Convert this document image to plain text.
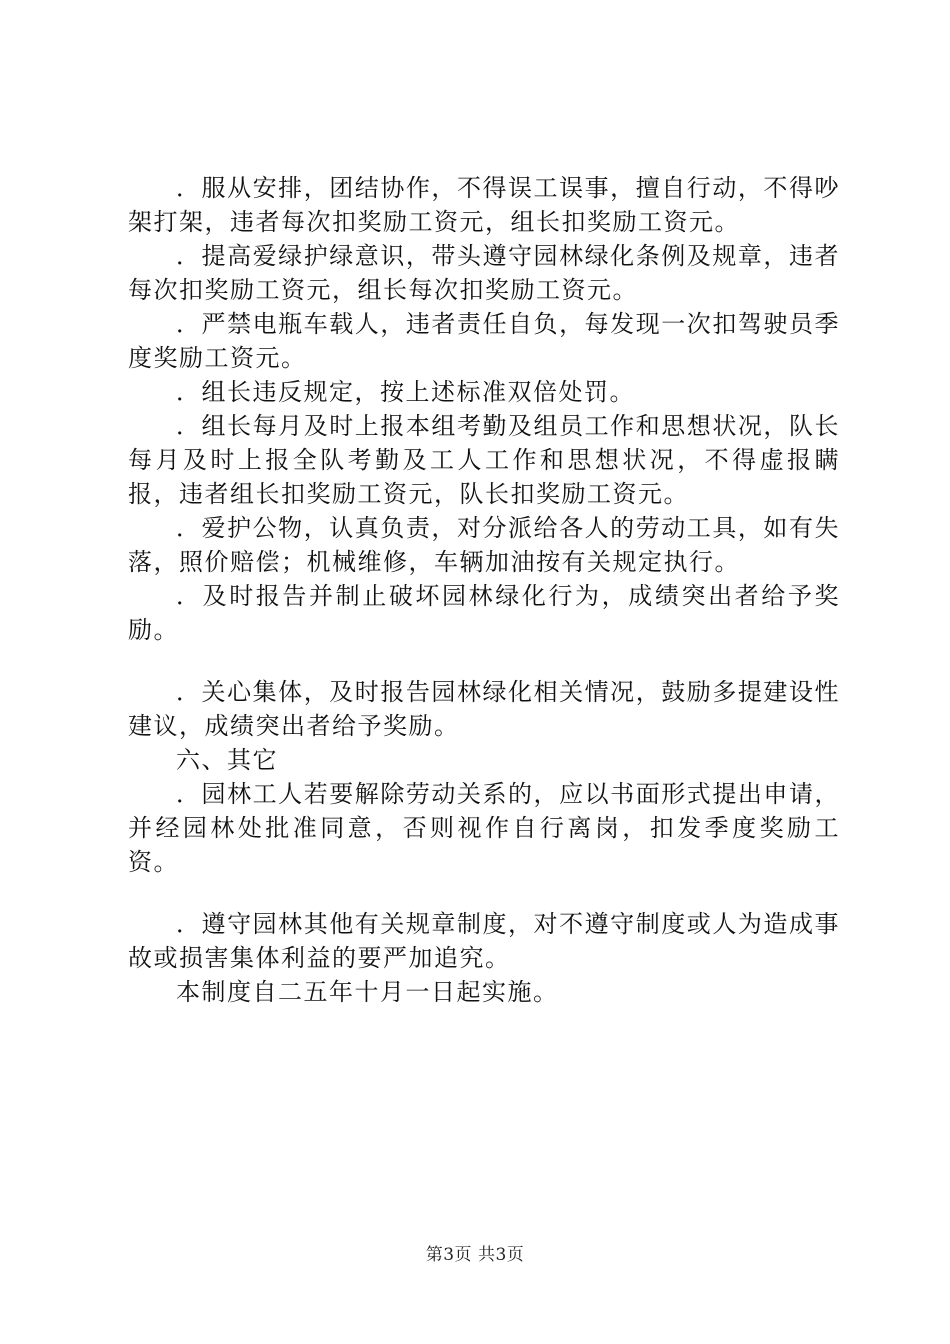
．服从安排，团结协作，不得误工误事，擅自行动，不得吵架打架，违者每次扣奖励工资元，组长扣奖励工资元。

．提高爱绿护绿意识，带头遵守园林绿化条例及规章，违者每次扣奖励工资元，组长每次扣奖励工资元。

．严禁电瓶车载人，违者责任自负，每发现一次扣驾驶员季度奖励工资元。

．组长违反规定，按上述标准双倍处罚。

．组长每月及时上报本组考勤及组员工作和思想状况，队长每月及时上报全队考勤及工人工作和思想状况，不得虚报瞒报，违者组长扣奖励工资元，队长扣奖励工资元。

．爱护公物，认真负责，对分派给各人的劳动工具，如有失落，照价赔偿；机械维修，车辆加油按有关规定执行。

．及时报告并制止破坏园林绿化行为，成绩突出者给予奖励。

．关心集体，及时报告园林绿化相关情况，鼓励多提建设性建议，成绩突出者给予奖励。

六、其它

．园林工人若要解除劳动关系的，应以书面形式提出申请，并经园林处批准同意，否则视作自行离岗，扣发季度奖励工资。

．遵守园林其他有关规章制度，对不遵守制度或人为造成事故或损害集体利益的要严加追究。

本制度自二五年十月一日起实施。

第3页 共3页
